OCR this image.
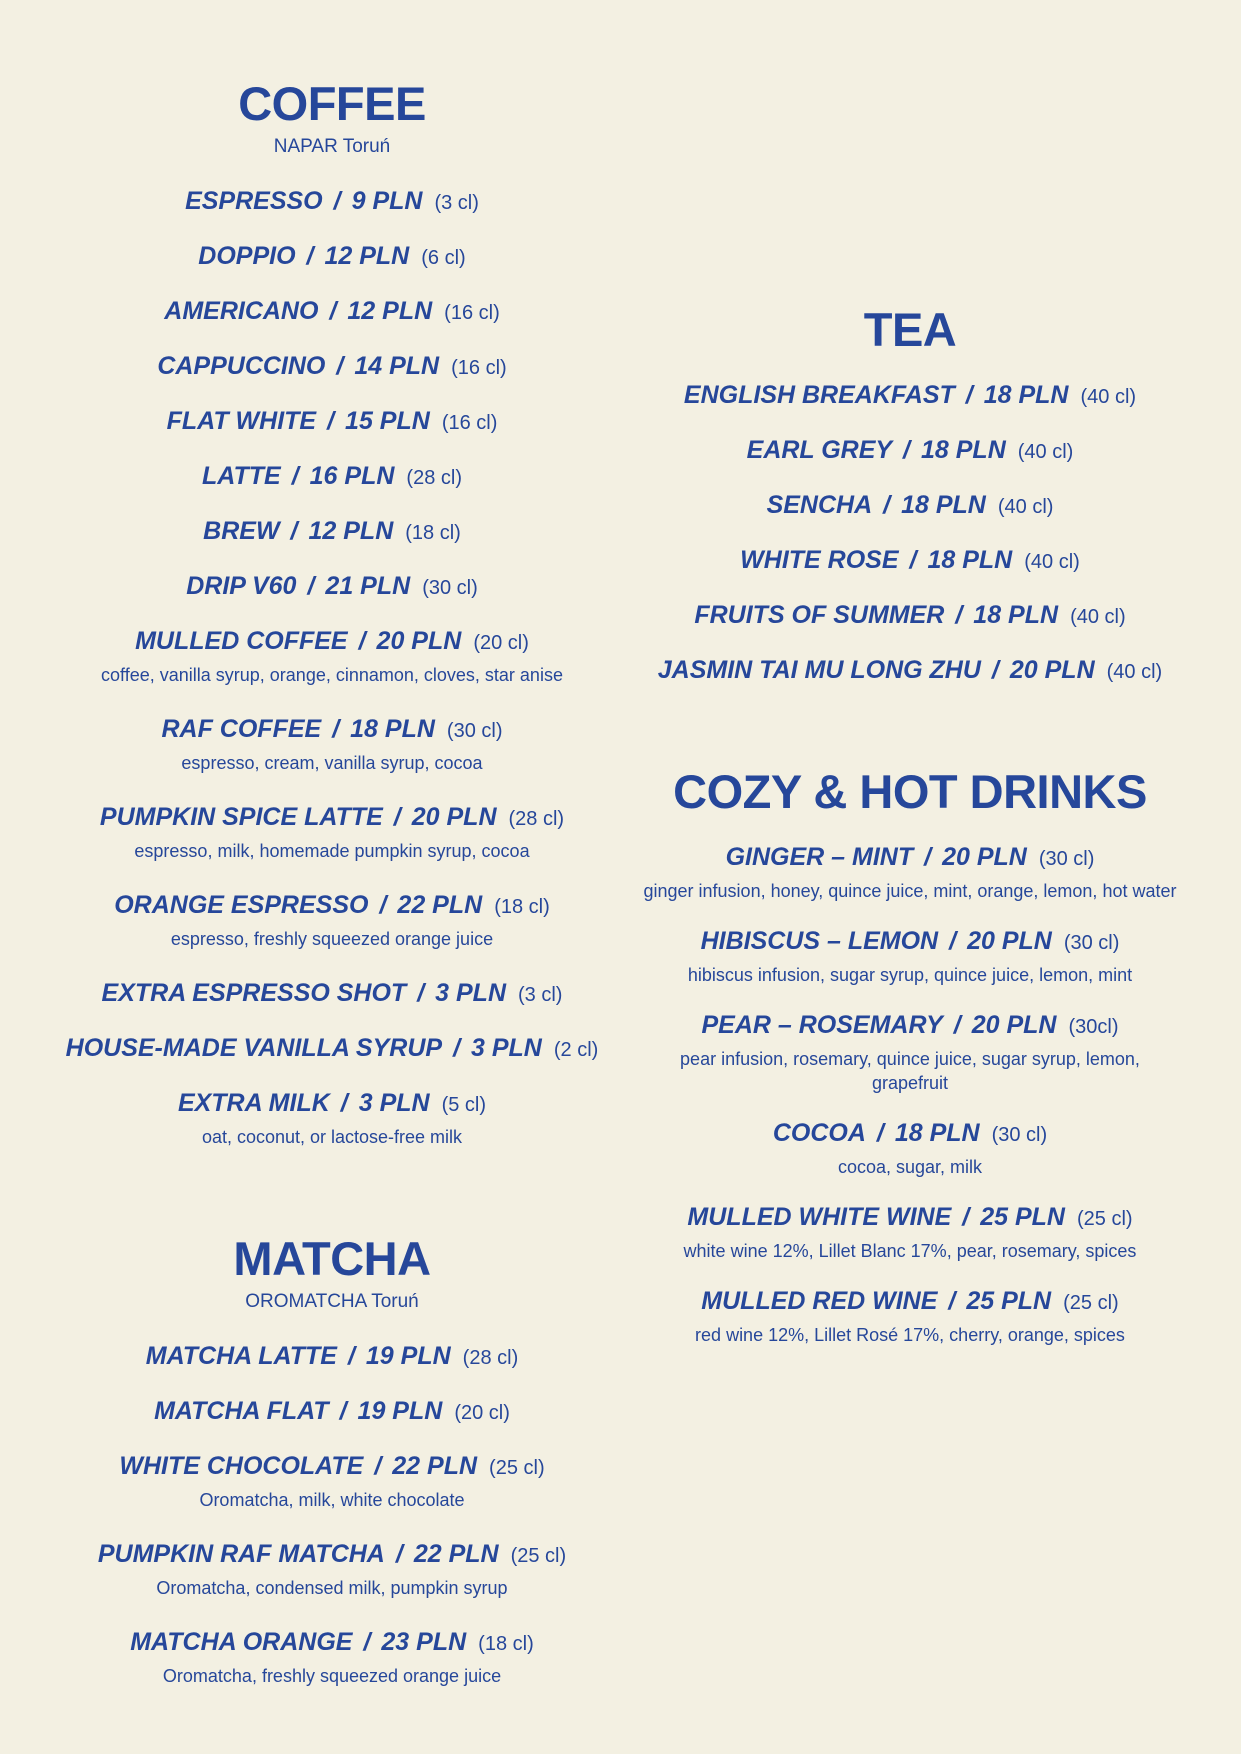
COFFEE
NAPAR Toruń
ESPRESSO / 9 PLN (3 cl)
DOPPIO / 12 PLN (6 cl)
AMERICANO / 12 PLN (16 cl)
CAPPUCCINO / 14 PLN (16 cl)
FLAT WHITE / 15 PLN (16 cl)
LATTE / 16 PLN (28 cl)
BREW / 12 PLN (18 cl)
DRIP V60 / 21 PLN (30 cl)
MULLED COFFEE / 20 PLN (20 cl)
coffee, vanilla syrup, orange, cinnamon, cloves, star anise
RAF COFFEE / 18 PLN (30 cl)
espresso, cream, vanilla syrup, cocoa
PUMPKIN SPICE LATTE / 20 PLN (28 cl)
espresso, milk, homemade pumpkin syrup, cocoa
ORANGE ESPRESSO / 22 PLN (18 cl)
espresso, freshly squeezed orange juice
EXTRA ESPRESSO SHOT / 3 PLN (3 cl)
HOUSE-MADE VANILLA SYRUP / 3 PLN (2 cl)
EXTRA MILK / 3 PLN (5 cl)
oat, coconut, or lactose-free milk
MATCHA
OROMATCHA Toruń
MATCHA LATTE / 19 PLN (28 cl)
MATCHA FLAT / 19 PLN (20 cl)
WHITE CHOCOLATE / 22 PLN (25 cl)
Oromatcha, milk, white chocolate
PUMPKIN RAF MATCHA / 22 PLN (25 cl)
Oromatcha, condensed milk, pumpkin syrup
MATCHA ORANGE / 23 PLN (18 cl)
Oromatcha, freshly squeezed orange juice
TEA
ENGLISH BREAKFAST / 18 PLN (40 cl)
EARL GREY / 18 PLN (40 cl)
SENCHA / 18 PLN (40 cl)
WHITE ROSE / 18 PLN (40 cl)
FRUITS OF SUMMER / 18 PLN (40 cl)
JASMIN TAI MU LONG ZHU / 20 PLN (40 cl)
COZY & HOT DRINKS
GINGER – MINT / 20 PLN (30 cl)
ginger infusion, honey, quince juice, mint, orange, lemon, hot water
HIBISCUS – LEMON / 20 PLN (30 cl)
hibiscus infusion, sugar syrup, quince juice, lemon, mint
PEAR – ROSEMARY / 20 PLN (30cl)
pear infusion, rosemary, quince juice, sugar syrup, lemon, grapefruit
COCOA / 18 PLN (30 cl)
cocoa, sugar, milk
MULLED WHITE WINE / 25 PLN (25 cl)
white wine 12%, Lillet Blanc 17%, pear, rosemary, spices
MULLED RED WINE / 25 PLN (25 cl)
red wine 12%, Lillet Rosé 17%, cherry, orange, spices
